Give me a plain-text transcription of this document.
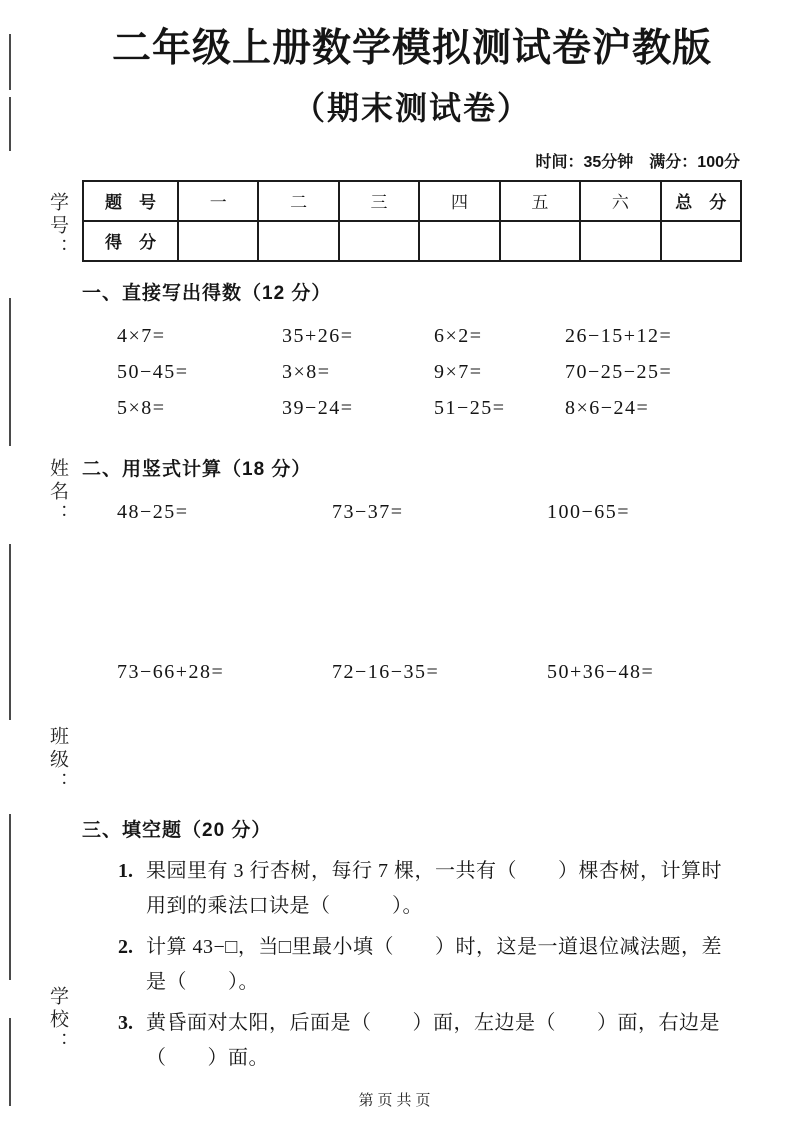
学号：
姓名：
班级：
学校：
二年级上册数学模拟测试卷沪教版
（期末测试卷）
时间：35分钟　满分：100分
题　号	一	二	三	四	五	六	总　分
得　分							
一、直接写出得数（12 分）
4×7=	35+26=	6×2=	26−15+12=
50−45=	3×8=	9×7=	70−25−25=
5×8=	39−24=	51−25=	8×6−24=
二、用竖式计算（18 分）
48−25=	73−37=	100−65=
73−66+28=	72−16−35=	50+36−48=
三、填空题（20 分）
1. 果园里有 3 行杏树，每行 7 棵，一共有（　　）棵杏树，计算时用到的乘法口诀是（　　　）。
2. 计算 43−□，当□里最小填（　　）时，这是一道退位减法题，差是（　　）。
3. 黄昏面对太阳，后面是（　　）面，左边是（　　）面，右边是（　　）面。
第页共页
